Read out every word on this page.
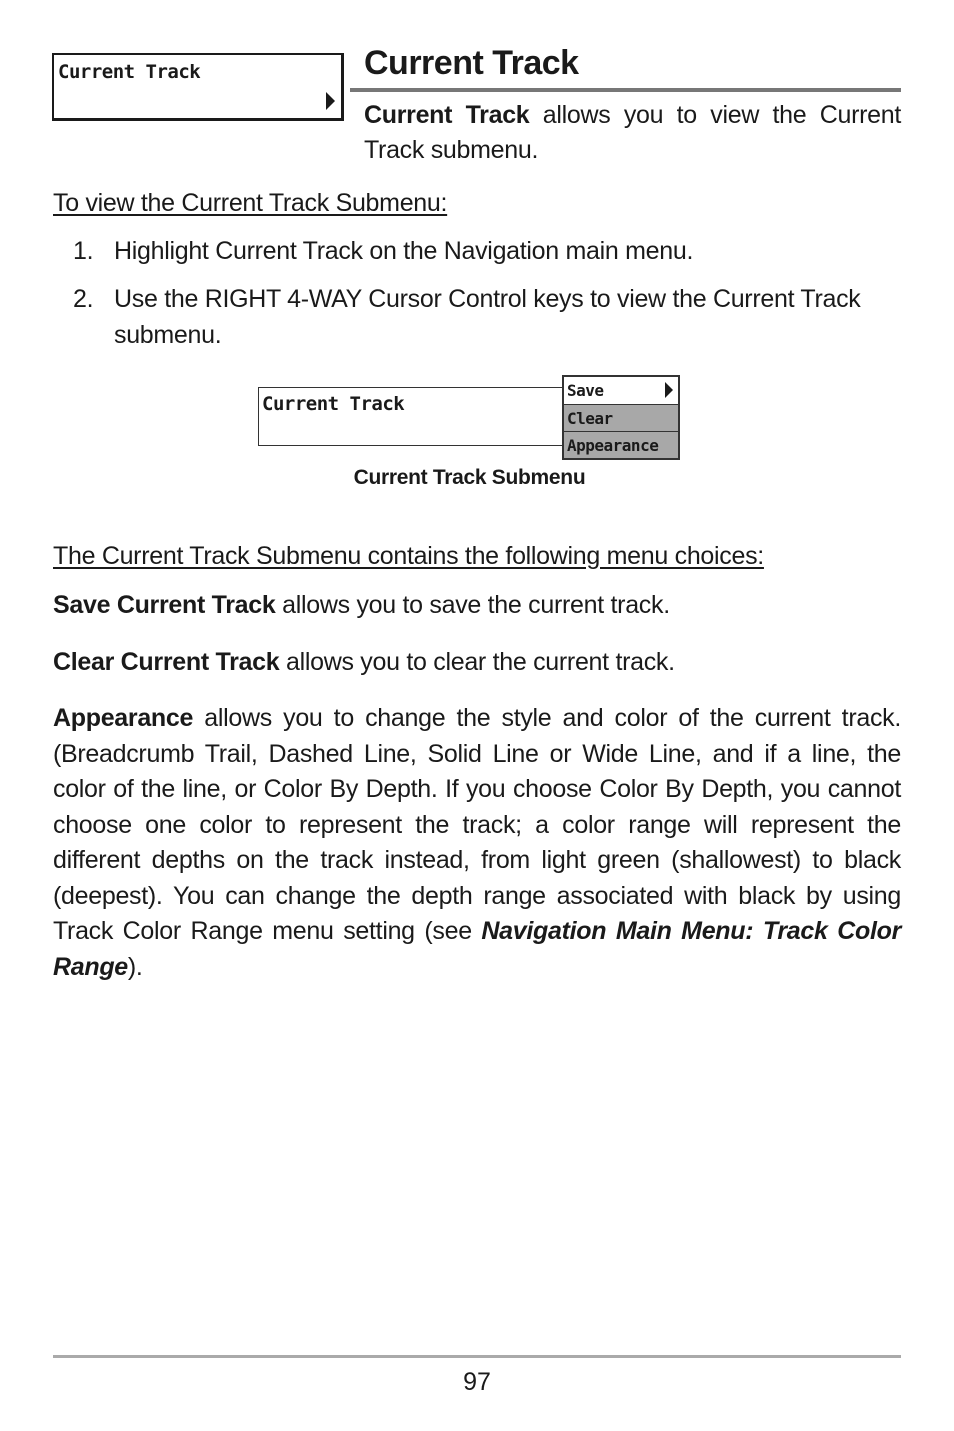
Current Track	Current Track

Current Track allows you to view the Current Track submenu.

To view the Current Track Submenu:
1. Highlight Current Track on the Navigation main menu.
2. Use the RIGHT 4-WAY Cursor Control keys to view the Current Track submenu.
Current Track
Save
Clear
Appearance
Current Track Submenu
The Current Track Submenu contains the following menu choices:

Save Current Track allows you to save the current track.

Clear Current Track allows you to clear the current track.

Appearance allows you to change the style and color of the current track. (Breadcrumb Trail, Dashed Line, Solid Line or Wide Line, and if a line, the color of the line, or Color By Depth. If you choose Color By Depth, you cannot choose one color to represent the track; a color range will represent the different depths on the track instead, from light green (shallowest) to black (deepest). You can change the depth range associated with black by using Track Color Range menu setting (see Navigation Main Menu: Track Color Range).

97
